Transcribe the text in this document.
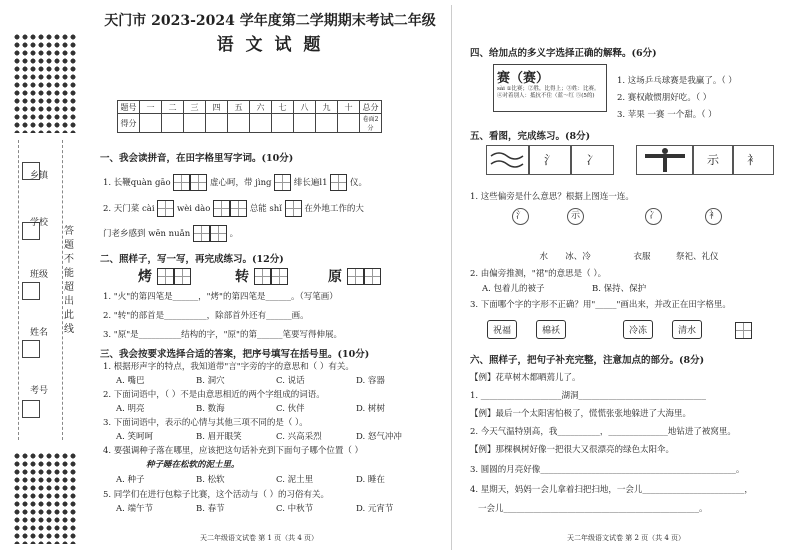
乡镇
学校
班级
姓名
考号
答题不能超出此线
天门市 2023-2024 学年度第二学期期末考试二年级
语 文 试 题
题号	一	二	三	四	五	六	七	八	九	十	总分
得分											卷面2分
一、我会读拼音，在田字格里写字词。(10分)
1. 长鞭quàn gāo	虚心呵，带 jìng	绯长遍l1	仪。
2. 天门菜 cài	wèi dào	总能 shǐ	在外地工作的大
门老乡感到 wēn nuǎn	。
二、照样子，写一写，再完成练习。(12分)
烤	转	原
1. "火"的第四笔是______，"烤"的第四笔是______。（写笔画）
2. "转"的部首是__________，除部首外还有______画。
3. "原"是__________结构的字，"原"的第______笔要写得伸展。
三、我会按要求选择合适的答案，把序号填写在括号里。(10分)
1. 根据形声字的特点，我知道带"言"字旁的字的意思和（ ）有关。
A. 嘴巴	B. 洞穴	C. 说话	D. 容器
2. 下面词语中，（ ）不是由意思相近的两个字组成的词语。
A. 明亮	B. 数海	C. 伙伴	D. 树树
3. 下面词语中，表示的心情与其他三项不同的是（ ）。
A. 笑呵呵	B. 眉开眼笑	C. 兴高采烈	D. 怒气冲冲
4. 要强调种子落在哪里，应该把这句话补充到下面句子哪个位置（ ）
种子睡在松软的泥土里。
A. 种子	B. 松软	C. 泥土里	D. 睡在
5. 同学们在进行包粽子比赛，这个活动与（ ）的习俗有关。
A. 端午节	B. 春节	C. 中秋节	D. 元宵节
天二年级语文试卷 第 1 页（共 4 页）
四、给加点的多义字选择正确的解释。(6分)
赛（赛）
sài ①比赛；②胜，比得上；③姓：比赛。④对着别人：抵抗不住（蓝～红 ⑤(5的)
1. 这场乒乓球赛是我赢了。（ ）
2. 赛权敞惯朋好吃。（ ）
3. 苹果 一赛 一个甜。（ ）
五、看图，完成练习。(8分)
氵	冫	示	衤
1. 这些偏旁是什么意思？根据上图连一连。
氵	示	冫	衤
水 冰、冷	衣服	祭祀、礼仪
2. 由偏旁推测，"裙"的意思是（ ）。
A. 包着儿的被子	B. 保持、保护
3. 下面哪个字的字形不正确？用"_____"画出来，并改正在田字格里。
祝福	棉袄	冷冻	清水
六、照样子，把句子补充完整，注意加点的部分。(8分)
【例】花草树木都晒蔫儿了。
1. ___________________湖洞______________________________
【例】最后一个太阳害怕极了，慌慌张张地躲进了大海里。
2. 今天气温特别高，我__________，______________地钻进了被窝里。
【例】那棵枫树好像一把很大又很漂亮的绿色太阳伞。
3. 圆圆的月亮好像______________________________________________。
4. 星期天，妈妈一会儿拿着扫把扫地，一会儿________________________，
一会儿______________________________________________。
天二年级语文试卷 第 2 页（共 4 页）
